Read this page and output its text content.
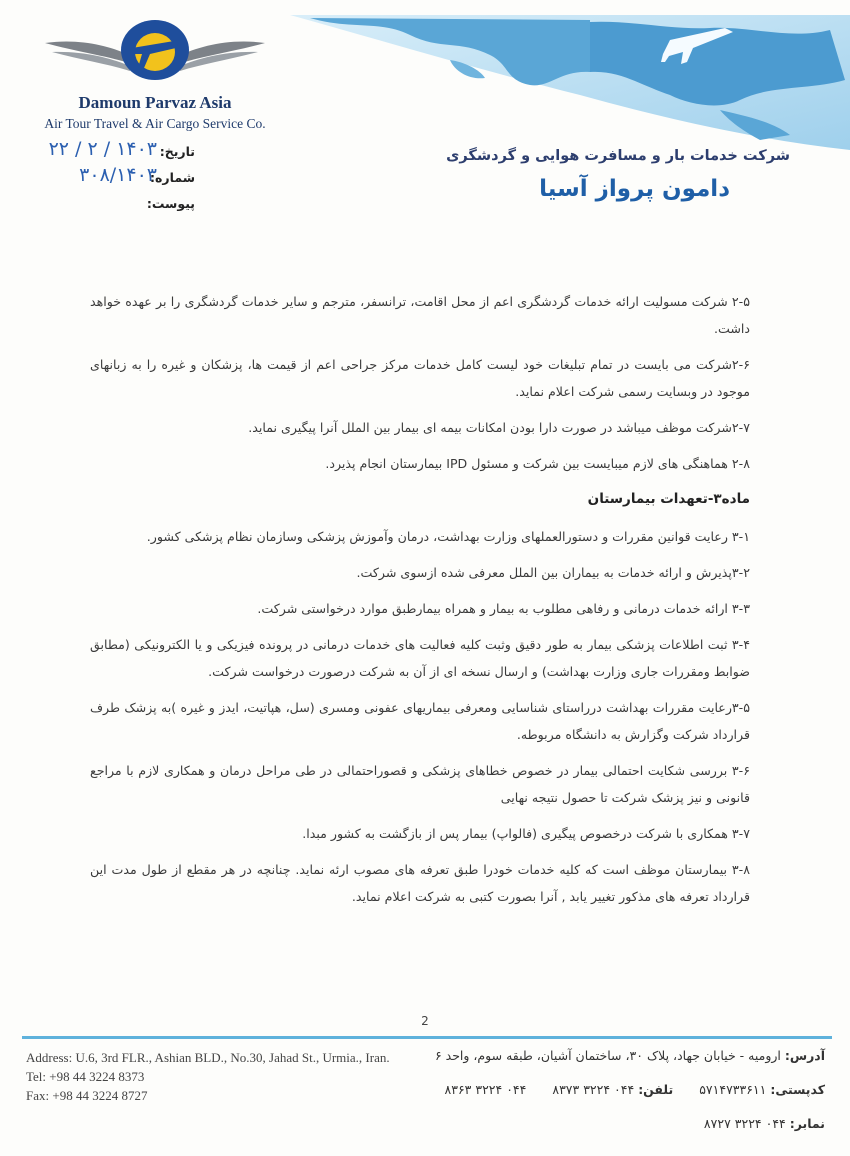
Damoun Parvaz Asia
Air Tour Travel & Air Cargo Service Co.
شرکت خدمات بار و مسافرت هوایی و گردشگری
دامون پرواز آسیا
تاریخ:
۱۴۰۳ / ۲ / ۲۲
شماره:
۳۰۸/۱۴۰۳
پیوست:

۲-۵ شرکت مسولیت ارائه خدمات گردشگری اعم از محل اقامت، ترانسفر، مترجم و سایر خدمات گردشگری را بر عهده خواهد داشت.

۲-۶شرکت می بایست در تمام تبلیغات خود لیست کامل خدمات مرکز جراحی اعم از قیمت ها، پزشکان و غیره را به زبانهای موجود در وبسایت رسمی شرکت اعلام نماید.

۲-۷شرکت موظف میباشد در صورت دارا بودن امکانات بیمه ای بیمار بین الملل آنرا پیگیری نماید.

۲-۸ هماهنگی های لازم میبایست بین شرکت و مسئول IPD بیمارستان انجام پذیرد.

ماده۳-تعهدات بیمارستان

۳-۱ رعایت قوانین مقررات و دستورالعملهای وزارت بهداشت، درمان وآموزش پزشکی وسازمان نظام پزشکی کشور.

۳-۲پذیرش و ارائه خدمات به بیماران بین الملل معرفی شده ازسوی شرکت.

۳-۳ ارائه خدمات درمانی و رفاهی مطلوب به بیمار و همراه بیمارطبق موارد درخواستی شرکت.

۳-۴ ثبت اطلاعات پزشکی بیمار به طور دقیق وثبت کلیه فعالیت های خدمات درمانی در پرونده فیزیکی و یا الکترونیکی (مطابق ضوابط ومقررات جاری وزارت بهداشت) و ارسال نسخه ای از آن به شرکت درصورت درخواست شرکت.

۳-۵رعایت مقررات بهداشت درراستای شناسایی ومعرفی بیماریهای عفونی ومسری (سل، هپاتیت، ایدز و غیره )به پزشک طرف قرارداد شرکت وگزارش به دانشگاه مربوطه.

۳-۶ بررسی شکایت احتمالی بیمار در خصوص خطاهای پزشکی و قصوراحتمالی در طی مراحل درمان و همکاری لازم با مراجع قانونی و نیز پزشک شرکت تا حصول نتیجه نهایی

۳-۷ همکاری با شرکت درخصوص پیگیری (فالواپ) بیمار پس از بازگشت به کشور مبدا.

۳-۸ بیمارستان موظف است که کلیه خدمات خودرا طبق تعرفه های مصوب ارئه نماید. چنانچه در هر مقطع از طول مدت این قرارداد تعرفه های مذکور تغییر یابد , آنرا بصورت کتبی به شرکت اعلام نماید.

2
Address: U.6, 3rd FLR., Ashian BLD., No.30, Jahad St., Urmia., Iran.
Tel: +98 44 3224 8373
Fax: +98 44 3224 8727
آدرس: ارومیه - خیابان جهاد، پلاک ۳۰، ساختمان آشیان، طبقه سوم، واحد ۶
کدپستی: ۵۷۱۴۷۳۳۶۱۱ تلفن: ۰۴۴ ۳۲۲۴ ۸۳۷۳ ۰۴۴ ۳۲۲۴ ۸۳۶۳
نمابر: ۰۴۴ ۳۲۲۴ ۸۷۲۷
